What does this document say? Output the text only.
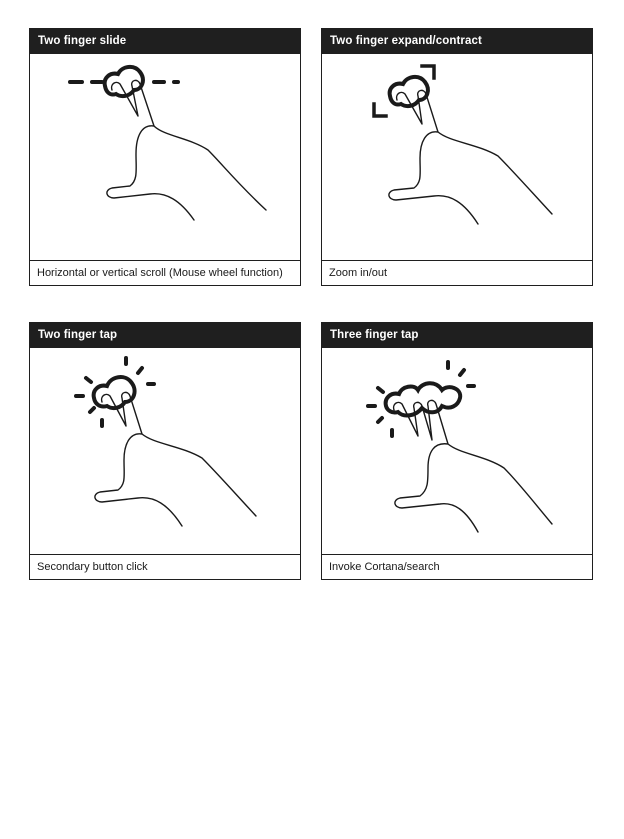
Two finger slide
Horizontal or vertical scroll (Mouse wheel function)
Two finger expand/contract
Zoom in/out
Two finger tap
Secondary button click
Three finger tap
Invoke Cortana/search
